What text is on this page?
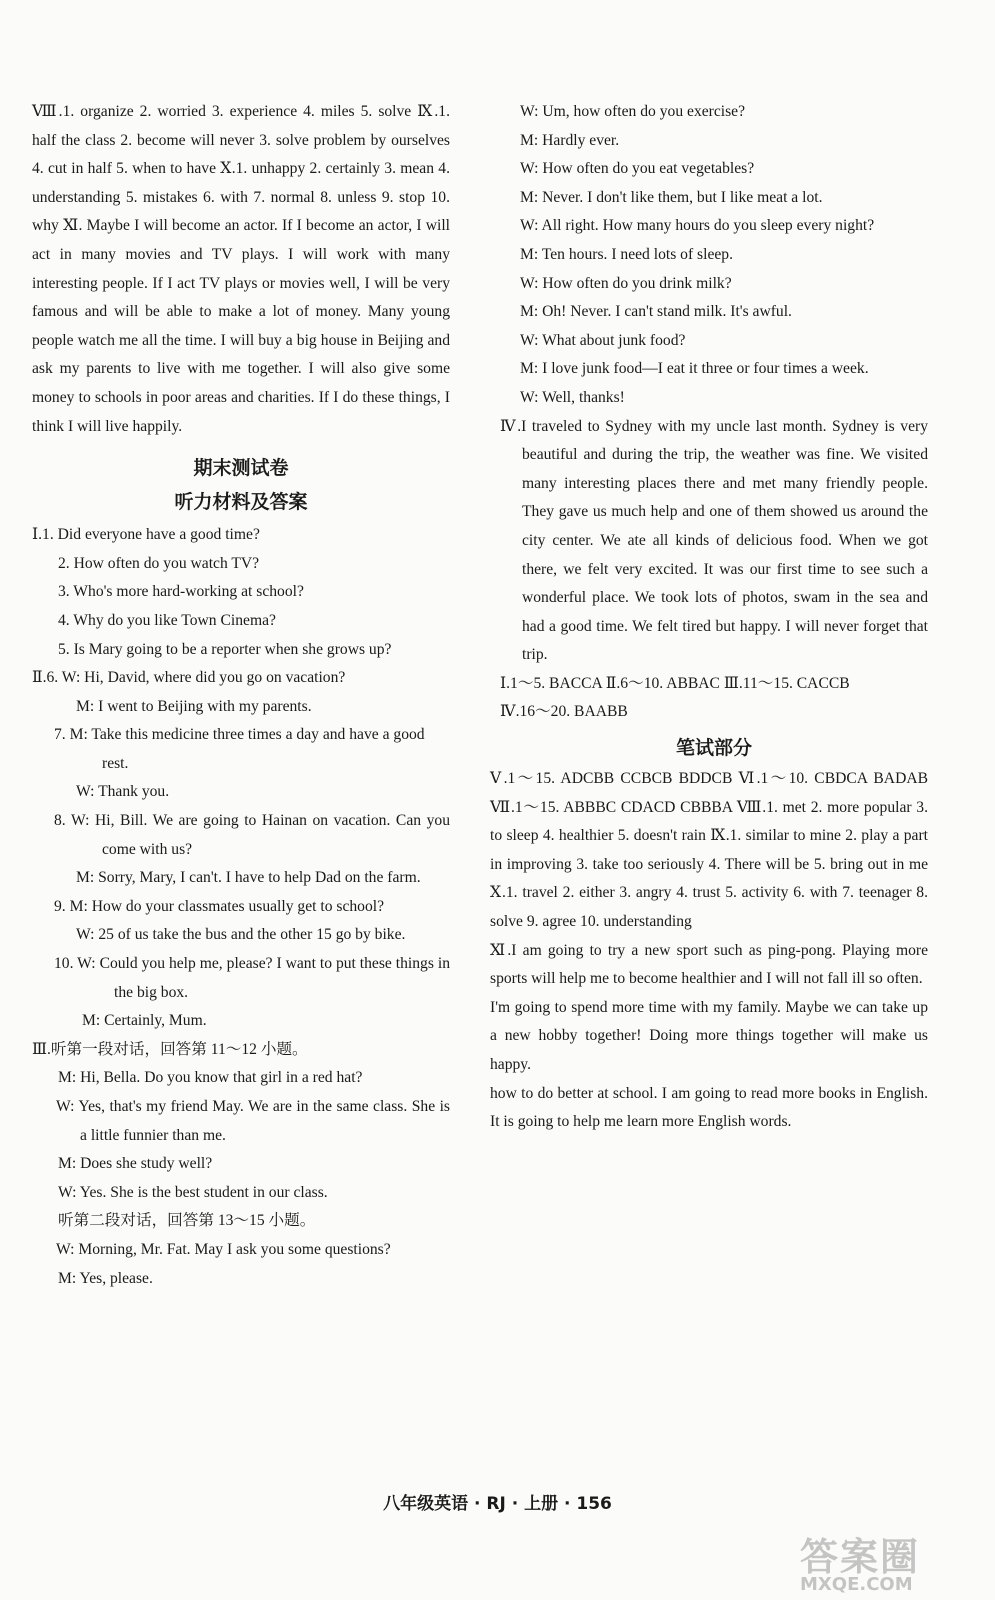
Ⅷ.1. organize 2. worried 3. experience 4. miles 5. solve Ⅸ.1. half the class 2. become will never 3. solve problem by ourselves 4. cut in half 5. when to have Ⅹ.1. unhappy 2. certainly 3. mean 4. understanding 5. mistakes 6. with 7. normal 8. unless 9. stop 10. why Ⅺ. Maybe I will become an actor. If I become an actor, I will act in many movies and TV plays. I will work with many interesting people. If I act TV plays or movies well, I will be very famous and will be able to make a lot of money. Many young people watch me all the time. I will buy a big house in Beijing and ask my parents to live with me together. I will also give some money to schools in poor areas and charities. If I do these things, I think I will live happily.

期末测试卷
听力材料及答案

Ⅰ.1. Did everyone have a good time?

2. How often do you watch TV?

3. Who's more hard-working at school?

4. Why do you like Town Cinema?

5. Is Mary going to be a reporter when she grows up?

Ⅱ.6. W: Hi, David, where did you go on vacation?

M: I went to Beijing with my parents.

7. M: Take this medicine three times a day and have a good rest.

W: Thank you.

8. W: Hi, Bill. We are going to Hainan on vacation. Can you come with us?

M: Sorry, Mary, I can't. I have to help Dad on the farm.

9. M: How do your classmates usually get to school?

W: 25 of us take the bus and the other 15 go by bike.

10. W: Could you help me, please? I want to put these things in the big box.

M: Certainly, Mum.

Ⅲ.听第一段对话，回答第 11～12 小题。

M: Hi, Bella. Do you know that girl in a red hat?

W: Yes, that's my friend May. We are in the same class. She is a little funnier than me.

M: Does she study well?

W: Yes. She is the best student in our class.

听第二段对话，回答第 13～15 小题。

W: Morning, Mr. Fat. May I ask you some questions?

M: Yes, please.

W: Um, how often do you exercise?

M: Hardly ever.

W: How often do you eat vegetables?

M: Never. I don't like them, but I like meat a lot.

W: All right. How many hours do you sleep every night?

M: Ten hours. I need lots of sleep.

W: How often do you drink milk?

M: Oh! Never. I can't stand milk. It's awful.

W: What about junk food?

M: I love junk food—I eat it three or four times a week.

W: Well, thanks!

Ⅳ.I traveled to Sydney with my uncle last month. Sydney is very beautiful and during the trip, the weather was fine. We visited many interesting places there and met many friendly people. They gave us much help and one of them showed us around the city center. We ate all kinds of delicious food. When we got there, we felt very excited. It was our first time to see such a wonderful place. We took lots of photos, swam in the sea and had a good time. We felt tired but happy. I will never forget that trip.

Ⅰ.1～5. BACCA Ⅱ.6～10. ABBAC Ⅲ.11～15. CACCB

Ⅳ.16～20. BAABB

笔试部分

Ⅴ.1～15. ADCBB CCBCB BDDCB Ⅵ.1～10. CBDCA BADAB Ⅶ.1～15. ABBBC CDACD CBBBA Ⅷ.1. met 2. more popular 3. to sleep 4. healthier 5. doesn't rain Ⅸ.1. similar to mine 2. play a part in improving 3. take too seriously 4. There will be 5. bring out in me Ⅹ.1. travel 2. either 3. angry 4. trust 5. activity 6. with 7. teenager 8. solve 9. agree 10. understanding

Ⅺ.I am going to try a new sport such as ping-pong. Playing more sports will help me to become healthier and I will not fall ill so often.

I'm going to spend more time with my family. Maybe we can take up a new hobby together! Doing more things together will make us happy.

how to do better at school. I am going to read more books in English. It is going to help me learn more English words.

八年级英语 · RJ · 上册 · 156
答案圈
MXQE.COM
